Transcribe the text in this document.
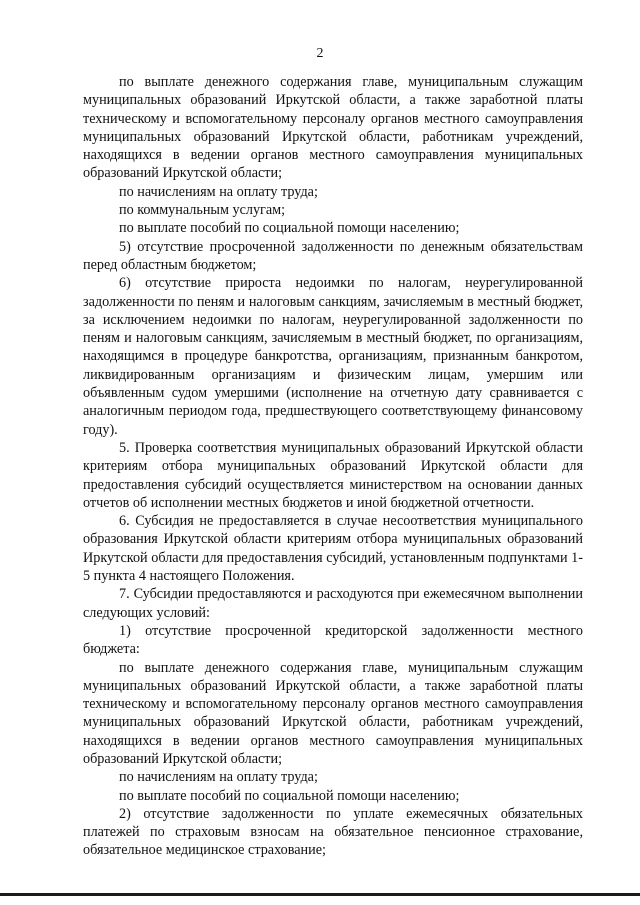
2

по выплате денежного содержания главе, муниципальным служащим муниципальных образований Иркутской области, а также заработной платы техническому и вспомогательному персоналу органов местного самоуправления муниципальных образований Иркутской области, работникам учреждений, находящихся в ведении органов местного самоуправления муниципальных образований Иркутской области;

по начислениям на оплату труда;

по коммунальным услугам;

по выплате пособий по социальной помощи населению;

5) отсутствие просроченной задолженности по денежным обязательствам перед областным бюджетом;

6) отсутствие прироста недоимки по налогам, неурегулированной задолженности по пеням и налоговым санкциям, зачисляемым в местный бюджет, за исключением недоимки по налогам, неурегулированной задолженности по пеням и налоговым санкциям, зачисляемым в местный бюджет, по организациям, находящимся в процедуре банкротства, организациям, признанным банкротом, ликвидированным организациям и физическим лицам, умершим или объявленным судом умершими (исполнение на отчетную дату сравнивается с аналогичным периодом года, предшествующего соответствующему финансовому году).

5. Проверка соответствия муниципальных образований Иркутской области критериям отбора муниципальных образований Иркутской области для предоставления субсидий осуществляется министерством на основании данных отчетов об исполнении местных бюджетов и иной бюджетной отчетности.

6. Субсидия не предоставляется в случае несоответствия муниципального образования Иркутской области критериям отбора муниципальных образований Иркутской области для предоставления субсидий, установленным подпунктами 1-5 пункта 4 настоящего Положения.

7. Субсидии предоставляются и расходуются при ежемесячном выполнении следующих условий:

1) отсутствие просроченной кредиторской задолженности местного бюджета:

по выплате денежного содержания главе, муниципальным служащим муниципальных образований Иркутской области, а также заработной платы техническому и вспомогательному персоналу органов местного самоуправления муниципальных образований Иркутской области, работникам учреждений, находящихся в ведении органов местного самоуправления муниципальных образований Иркутской области;

по начислениям на оплату труда;

по выплате пособий по социальной помощи населению;

2) отсутствие задолженности по уплате ежемесячных обязательных платежей по страховым взносам на обязательное пенсионное страхование, обязательное медицинское страхование;
